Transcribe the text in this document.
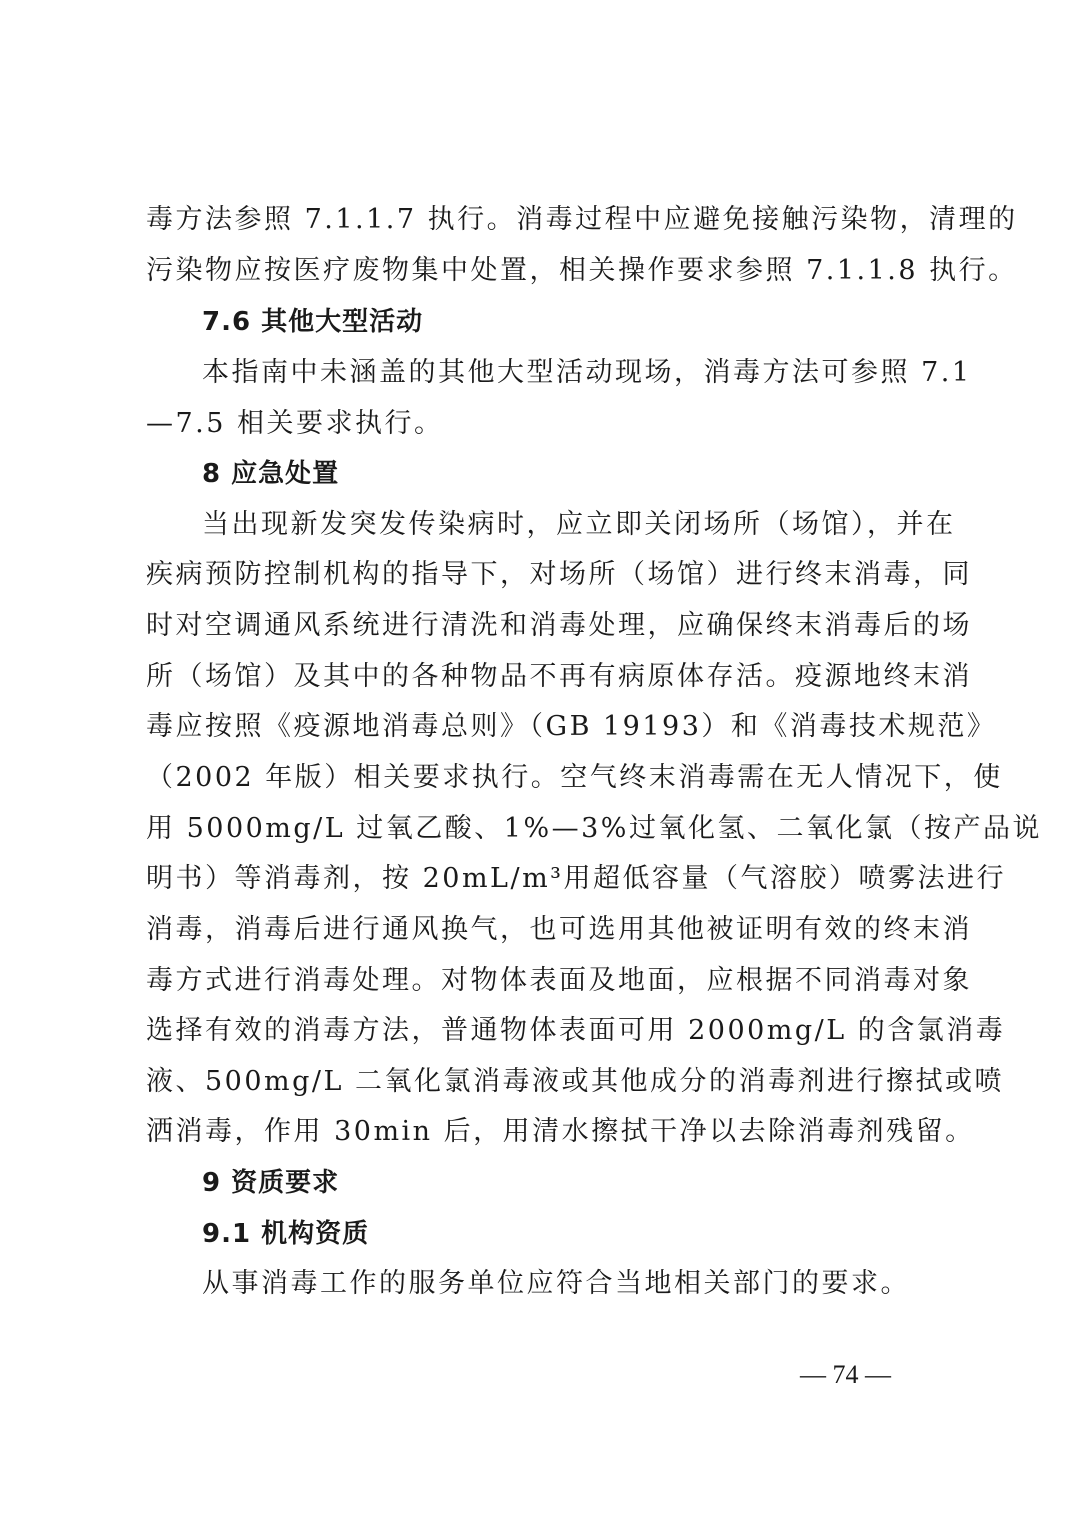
毒方法参照 7.1.1.7 执行。消毒过程中应避免接触污染物，清理的
污染物应按医疗废物集中处置，相关操作要求参照 7.1.1.8 执行。
7.6 其他大型活动
本指南中未涵盖的其他大型活动现场，消毒方法可参照 7.1
—7.5 相关要求执行。
8 应急处置
当出现新发突发传染病时，应立即关闭场所（场馆），并在
疾病预防控制机构的指导下，对场所（场馆）进行终末消毒，同
时对空调通风系统进行清洗和消毒处理，应确保终末消毒后的场
所（场馆）及其中的各种物品不再有病原体存活。疫源地终末消
毒应按照《疫源地消毒总则》（GB 19193）和《消毒技术规范》
（2002 年版）相关要求执行。空气终末消毒需在无人情况下，使
用 5000mg/L 过氧乙酸、1%—3%过氧化氢、二氧化氯（按产品说
明书）等消毒剂，按 20mL/m³用超低容量（气溶胶）喷雾法进行
消毒，消毒后进行通风换气，也可选用其他被证明有效的终末消
毒方式进行消毒处理。对物体表面及地面，应根据不同消毒对象
选择有效的消毒方法，普通物体表面可用 2000mg/L 的含氯消毒
液、500mg/L 二氧化氯消毒液或其他成分的消毒剂进行擦拭或喷
洒消毒，作用 30min 后，用清水擦拭干净以去除消毒剂残留。
9 资质要求
9.1 机构资质
从事消毒工作的服务单位应符合当地相关部门的要求。
— 74 —
